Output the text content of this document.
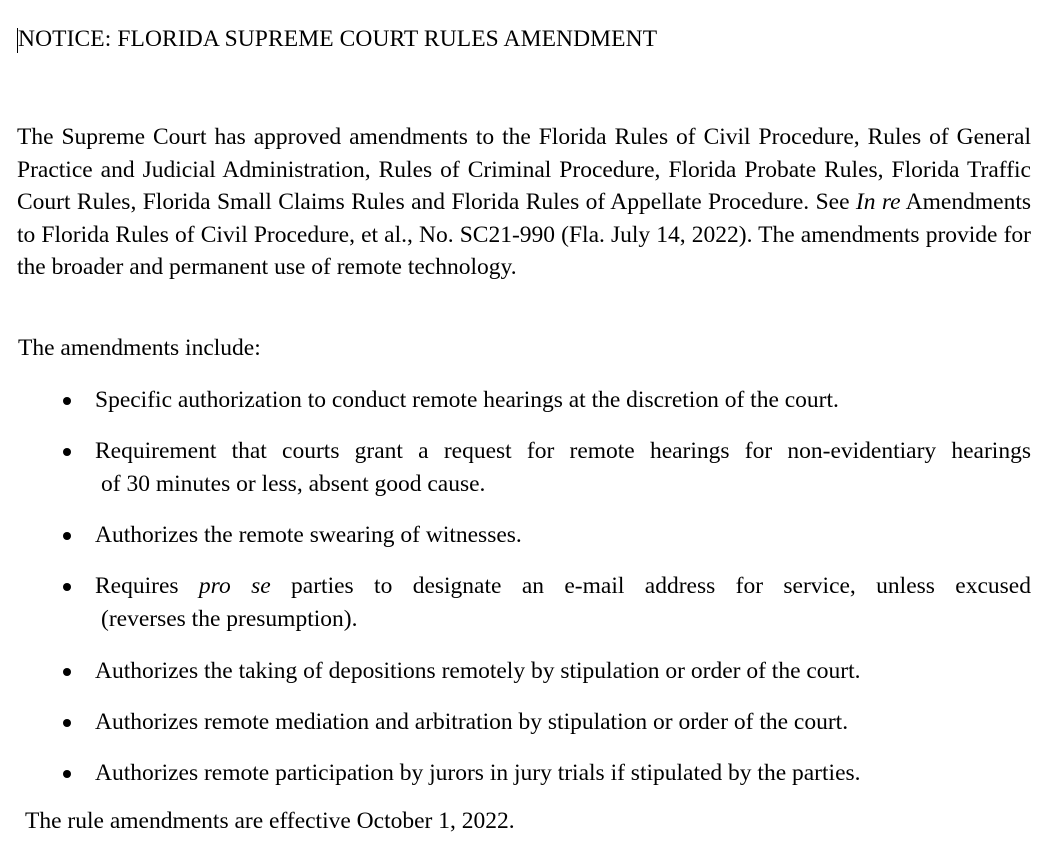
NOTICE: FLORIDA SUPREME COURT RULES AMENDMENT
The Supreme Court has approved amendments to the Florida Rules of Civil Procedure, Rules of General Practice and Judicial Administration, Rules of Criminal Procedure, Florida Probate Rules, Florida Traffic Court Rules, Florida Small Claims Rules and Florida Rules of Appellate Procedure. See In re Amendments to Florida Rules of Civil Procedure, et al., No. SC21-990 (Fla. July 14, 2022). The amendments provide for the broader and permanent use of remote technology.
The amendments include:
Specific authorization to conduct remote hearings at the discretion of the court.
Requirement that courts grant a request for remote hearings for non-evidentiary hearings
of 30 minutes or less, absent good cause.
Authorizes the remote swearing of witnesses.
Requires pro se parties to designate an e-mail address for service, unless excused
(reverses the presumption).
Authorizes the taking of depositions remotely by stipulation or order of the court.
Authorizes remote mediation and arbitration by stipulation or order of the court.
Authorizes remote participation by jurors in jury trials if stipulated by the parties.
The rule amendments are effective October 1, 2022.
